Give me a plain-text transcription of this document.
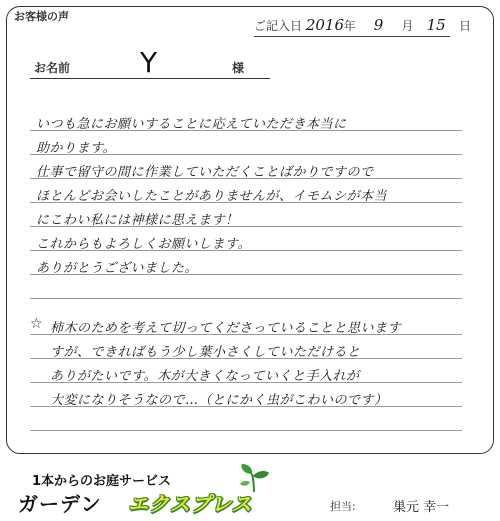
お客様の声
ご記入日 2016 年 9 月 15 日
お名前 Y	様
いつも急にお願いすることに応えていただき本当に
助かります。
仕事で留守の間に作業していただくことばかりですので
ほとんどお会いしたことがありませんが、イモムシが本当
にこわい私には神様に思えます！
これからもよろしくお願いします。
ありがとうございました。
☆ 柿木のためを考えて切ってくださっていることと思います
すが、できればもう少し葉小さくしていただけると
ありがたいです。木が大きくなっていくと手入れが
大変になりそうなので…（とにかく虫がこわいのです）
1本からのお庭サービス
ガーデン エクスプレス	担当:	巣元 幸一
